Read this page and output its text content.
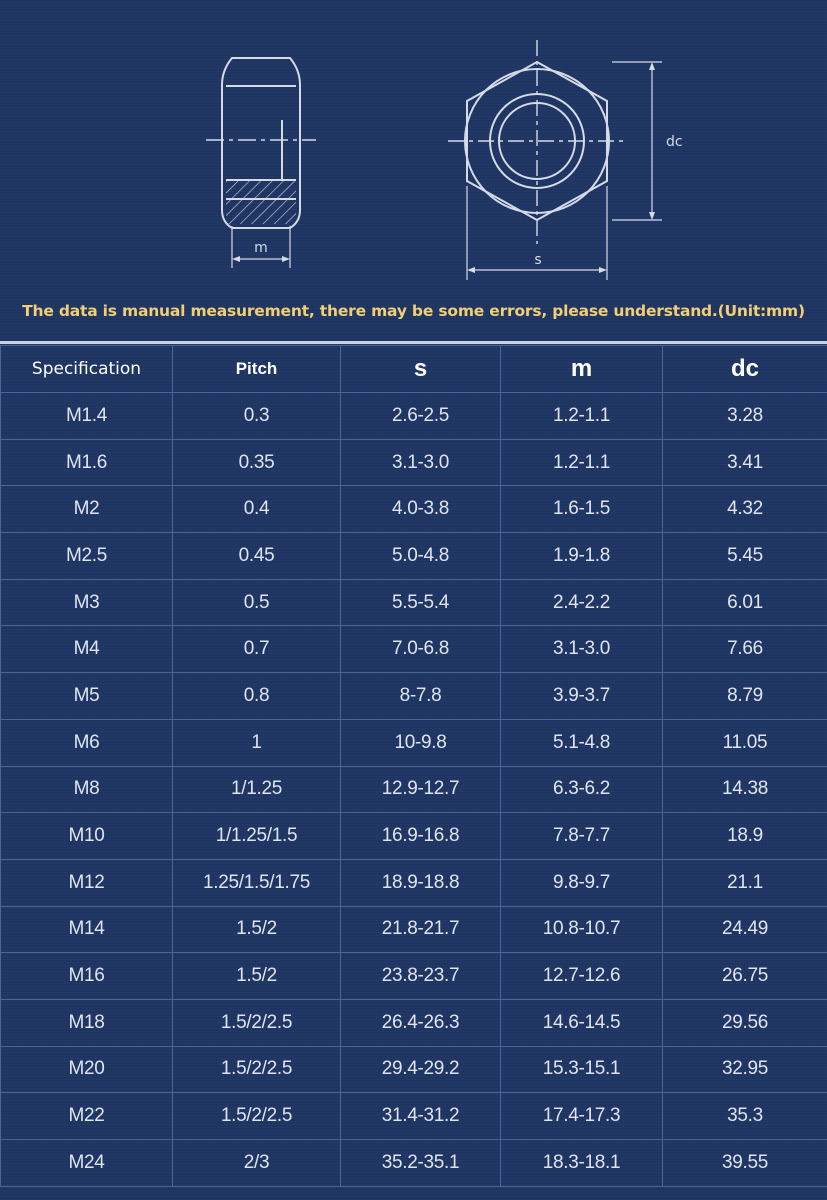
m
dc
s
The data is manual measurement, there may be some errors, please understand.(Unit:mm)
Specification	Pitch	s	m	dc
M1.4	0.3	2.6-2.5	1.2-1.1	3.28
M1.6	0.35	3.1-3.0	1.2-1.1	3.41
M2	0.4	4.0-3.8	1.6-1.5	4.32
M2.5	0.45	5.0-4.8	1.9-1.8	5.45
M3	0.5	5.5-5.4	2.4-2.2	6.01
M4	0.7	7.0-6.8	3.1-3.0	7.66
M5	0.8	8-7.8	3.9-3.7	8.79
M6	1	10-9.8	5.1-4.8	11.05
M8	1/1.25	12.9-12.7	6.3-6.2	14.38
M10	1/1.25/1.5	16.9-16.8	7.8-7.7	18.9
M12	1.25/1.5/1.75	18.9-18.8	9.8-9.7	21.1
M14	1.5/2	21.8-21.7	10.8-10.7	24.49
M16	1.5/2	23.8-23.7	12.7-12.6	26.75
M18	1.5/2/2.5	26.4-26.3	14.6-14.5	29.56
M20	1.5/2/2.5	29.4-29.2	15.3-15.1	32.95
M22	1.5/2/2.5	31.4-31.2	17.4-17.3	35.3
M24	2/3	35.2-35.1	18.3-18.1	39.55
